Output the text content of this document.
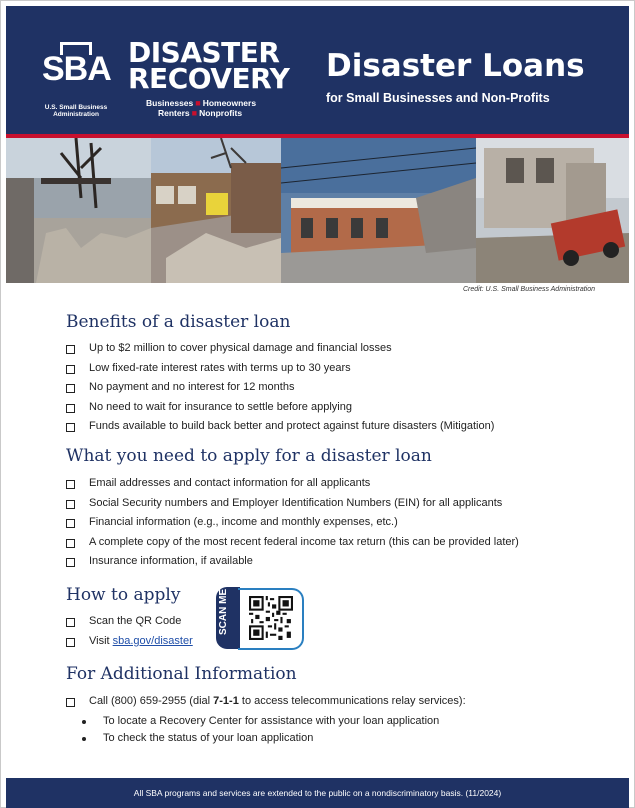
SBA
U.S. Small Business Administration
DISASTER
RECOVERY
Businesses ■ Homeowners
Renters ■ Nonprofits
Disaster Loans
for Small Businesses and Non-Profits
Credit: U.S. Small Business Administration
Benefits of a disaster loan
Up to $2 million to cover physical damage and financial losses
Low fixed-rate interest rates with terms up to 30 years
No payment and no interest for 12 months
No need to wait for insurance to settle before applying
Funds available to build back better and protect against future disasters (Mitigation)
What you need to apply for a disaster loan
Email addresses and contact information for all applicants
Social Security numbers and Employer Identification Numbers (EIN) for all applicants
Financial information (e.g., income and monthly expenses, etc.)
A complete copy of the most recent federal income tax return (this can be provided later)
Insurance information, if available
How to apply
Scan the QR Code
Visit sba.gov/disaster
SCAN ME
For Additional Information
Call (800) 659-2955 (dial 7-1-1 to access telecommunications relay services):
To locate a Recovery Center for assistance with your loan application
To check the status of your loan application
All SBA programs and services are extended to the public on a nondiscriminatory basis. (11/2024)
